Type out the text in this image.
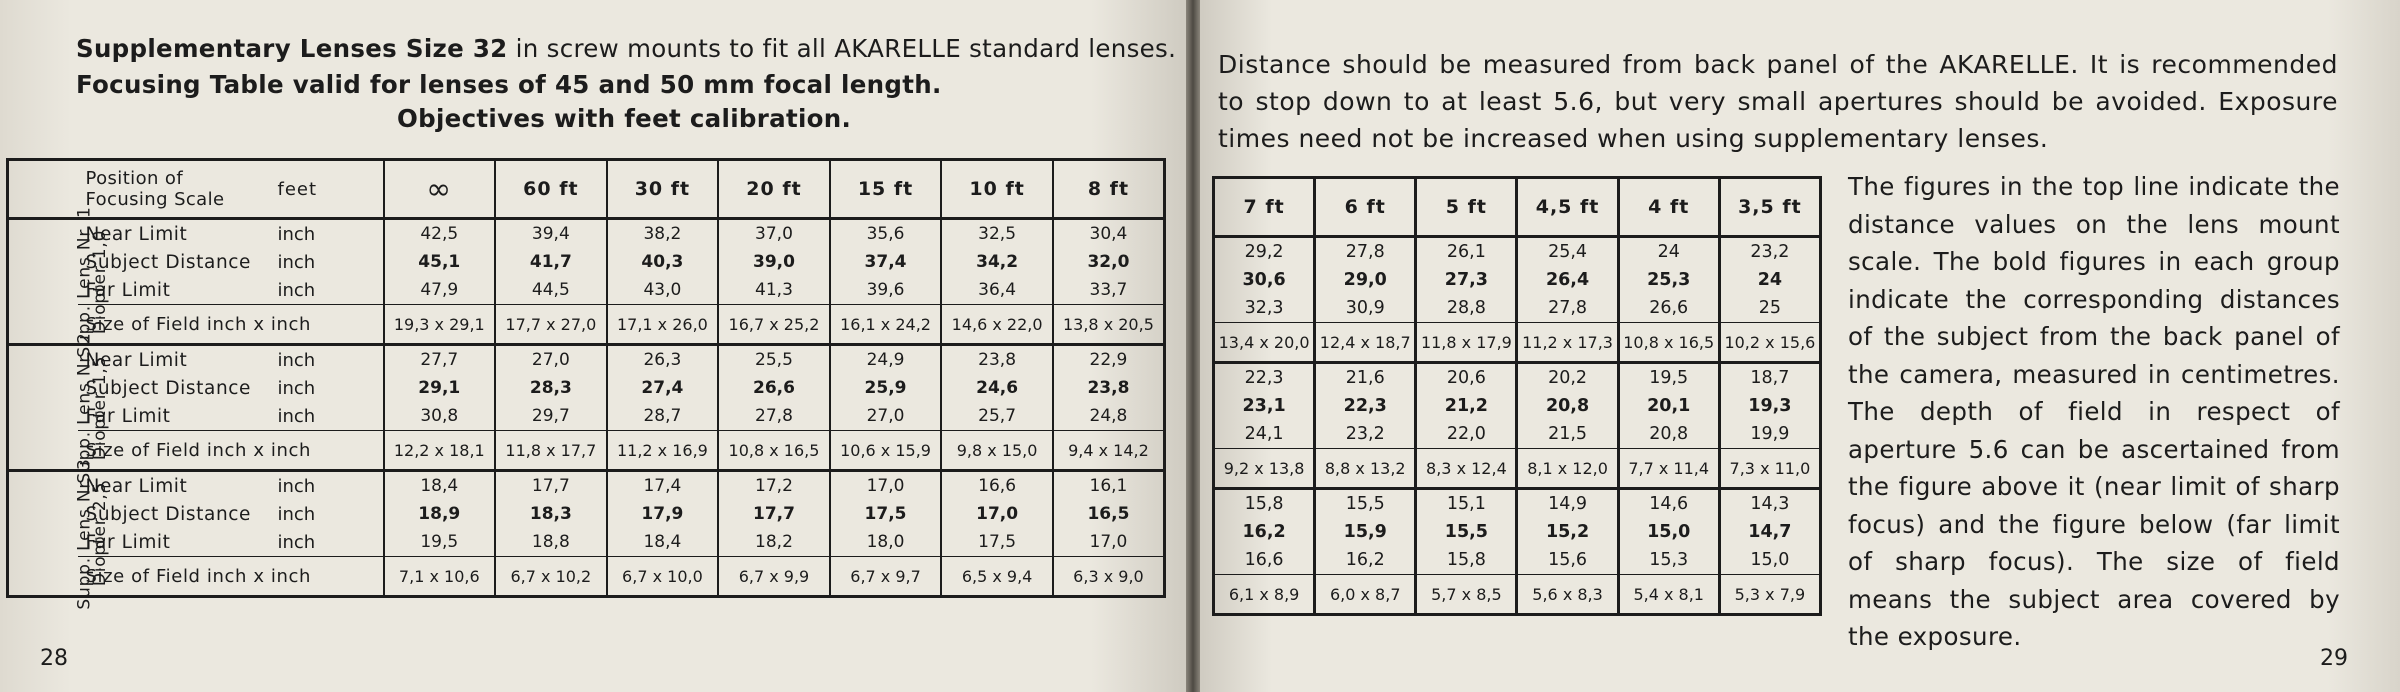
Supplementary Lenses Size 32 in screw mounts to fit all AKARELLE standard lenses.
Focusing Table valid for lenses of 45 and 50 mm focal length.
Objectives with feet calibration.
		Position of
Focusing Scale	feet	∞	60 ft	30 ft	20 ft	15 ft	10 ft	8 ft
Supp. Lens Nr. 1	Diopter 1,0	Near Limit	inch	42,5	39,4	38,2	37,0	35,6	32,5	30,4
		Subject Distance	inch	45,1	41,7	40,3	39,0	37,4	34,2	32,0
		Far Limit	inch	47,9	44,5	43,0	41,3	39,6	36,4	33,7
		Size of Field inch x inch		19,3 x 29,1	17,7 x 27,0	17,1 x 26,0	16,7 x 25,2	16,1 x 24,2	14,6 x 22,0	13,8 x 20,5
Supp. Lens Nr. 2	Diopter 1,5	Near Limit	inch	27,7	27,0	26,3	25,5	24,9	23,8	22,9
		Subject Distance	inch	29,1	28,3	27,4	26,6	25,9	24,6	23,8
		Far Limit	inch	30,8	29,7	28,7	27,8	27,0	25,7	24,8
		Size of Field inch x inch		12,2 x 18,1	11,8 x 17,7	11,2 x 16,9	10,8 x 16,5	10,6 x 15,9	9,8 x 15,0	9,4 x 14,2
Supp. Lens Nr. 3	Diopter 2,5	Near Limit	inch	18,4	17,7	17,4	17,2	17,0	16,6	16,1
		Subject Distance	inch	18,9	18,3	17,9	17,7	17,5	17,0	16,5
		Far Limit	inch	19,5	18,8	18,4	18,2	18,0	17,5	17,0
		Size of Field inch x inch		7,1 x 10,6	6,7 x 10,2	6,7 x 10,0	6,7 x 9,9	6,7 x 9,7	6,5 x 9,4	6,3 x 9,0
28	29
Distance should be measured from back panel of the AKARELLE. It is recommended to stop down to at least 5.6, but very small apertures should be avoided. Exposure times need not be increased when using supplementary lenses.
7 ft	6 ft	5 ft	4,5 ft	4 ft	3,5 ft
29,2	27,8	26,1	25,4	24	23,2
30,6	29,0	27,3	26,4	25,3	24
32,3	30,9	28,8	27,8	26,6	25
13,4 x 20,0	12,4 x 18,7	11,8 x 17,9	11,2 x 17,3	10,8 x 16,5	10,2 x 15,6
22,3	21,6	20,6	20,2	19,5	18,7
23,1	22,3	21,2	20,8	20,1	19,3
24,1	23,2	22,0	21,5	20,8	19,9
9,2 x 13,8	8,8 x 13,2	8,3 x 12,4	8,1 x 12,0	7,7 x 11,4	7,3 x 11,0
15,8	15,5	15,1	14,9	14,6	14,3
16,2	15,9	15,5	15,2	15,0	14,7
16,6	16,2	15,8	15,6	15,3	15,0
6,1 x 8,9	6,0 x 8,7	5,7 x 8,5	5,6 x 8,3	5,4 x 8,1	5,3 x 7,9
The figures in the top line indicate the distance values on the lens mount scale. The bold figures in each group indicate the corresponding distances of the subject from the back panel of the camera, measured in centimetres. The depth of field in respect of aperture 5.6 can be ascertained from the figure above it (near limit of sharp focus) and the figure below (far limit of sharp focus). The size of field means the subject area covered by the exposure.
